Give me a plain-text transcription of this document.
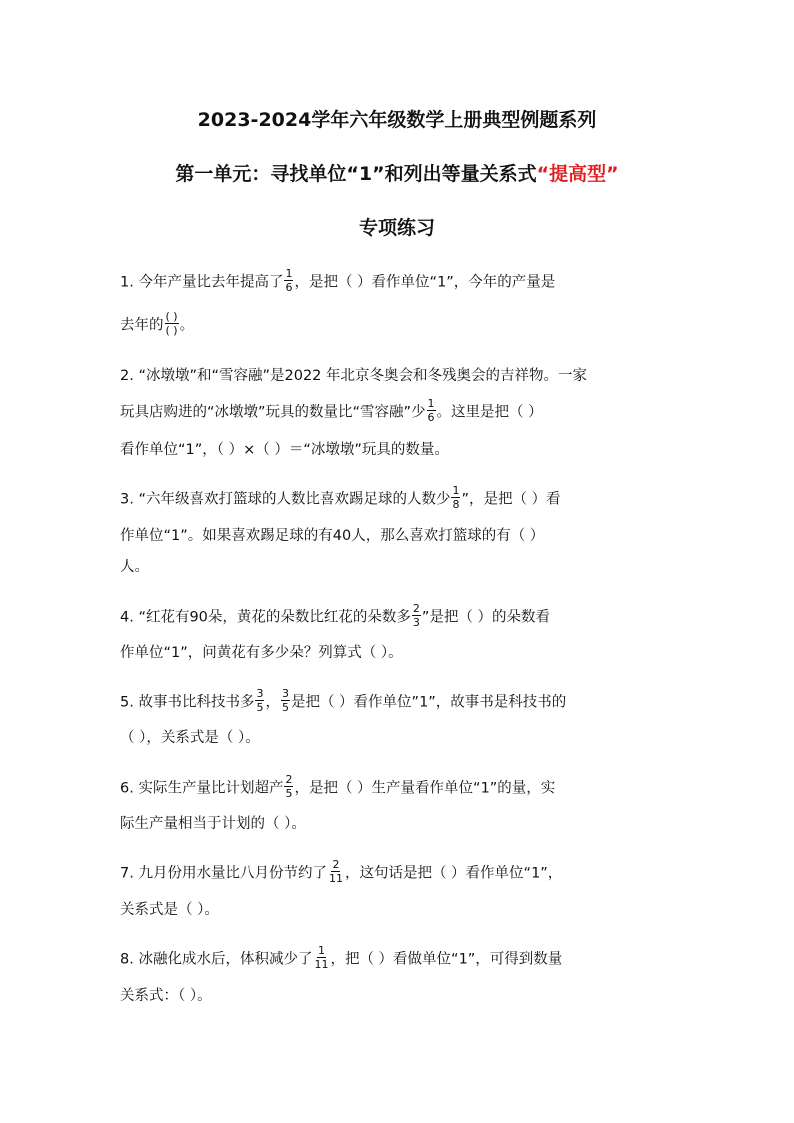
2023-2024学年六年级数学上册典型例题系列
第一单元：寻找单位“1”和列出等量关系式“提高型”
专项练习
1. 今年产量比去年提高了 $\frac{1}{6}$ ，是把（ ）看作单位“1”，今年的产量是
去年的 $\frac{( )}{( )}$ 。
2. “冰墩墩”和“雪容融”是2022 年北京冬奥会和冬残奥会的吉祥物。一家
玩具店购进的“冰墩墩”玩具的数量比“雪容融”少 $\frac{1}{6}$ 。这里是把（ ）
看作单位“1”，（ ）×（ ）＝“冰墩墩”玩具的数量。
3. “六年级喜欢打篮球的人数比喜欢踢足球的人数少 $\frac{1}{8}$ ”，是把（ ）看
作单位“1”。如果喜欢踢足球的有40人，那么喜欢打篮球的有（ ）
人。
4. “红花有90朵，黄花的朵数比红花的朵数多 $\frac{2}{3}$ ”是把（ ）的朵数看
作单位“1”，问黄花有多少朵？列算式（ ）。
5. 故事书比科技书多 $\frac{3}{5}$ ， $\frac{3}{5}$ 是把（ ）看作单位”1”，故事书是科技书的
（ ），关系式是（ ）。
6. 实际生产量比计划超产 $\frac{2}{5}$ ，是把（ ）生产量看作单位“1”的量，实
际生产量相当于计划的（ ）。
7. 九月份用水量比八月份节约了 $\frac{2}{11}$ ，这句话是把（ ）看作单位“1”，
关系式是（ ）。
8. 冰融化成水后，体积减少了 $\frac{1}{11}$ ，把（ ）看做单位“1”，可得到数量
关系式：（ ）。
